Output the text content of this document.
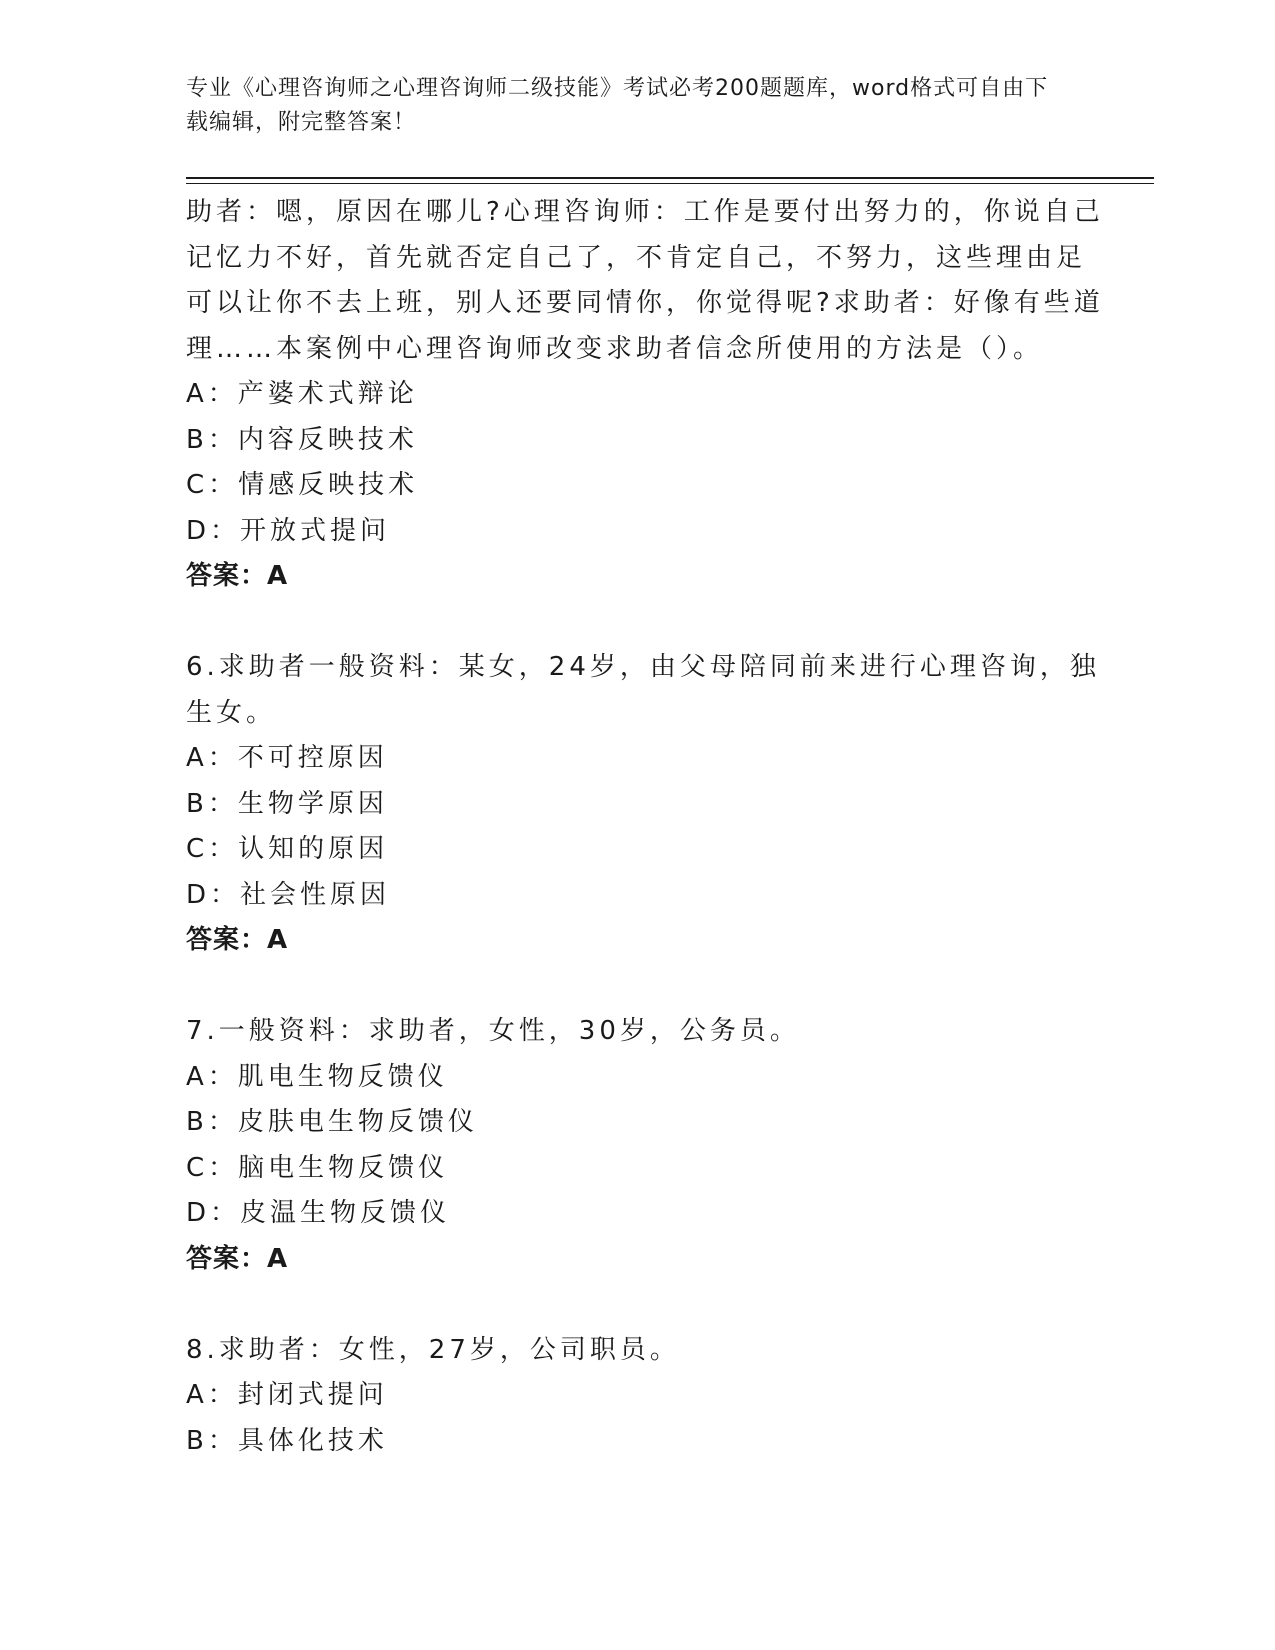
专业《心理咨询师之心理咨询师二级技能》考试必考200题题库，word格式可自由下载编辑，附完整答案！
助者：嗯，原因在哪儿?心理咨询师：工作是要付出努力的，你说自己
记忆力不好，首先就否定自己了，不肯定自己，不努力，这些理由足
可以让你不去上班，别人还要同情你，你觉得呢?求助者：好像有些道
理……本案例中心理咨询师改变求助者信念所使用的方法是（）。
A：产婆术式辩论
B：内容反映技术
C：情感反映技术
D：开放式提问
答案：A
6.求助者一般资料：某女，24岁，由父母陪同前来进行心理咨询，独
生女。
A：不可控原因
B：生物学原因
C：认知的原因
D：社会性原因
答案：A
7.一般资料：求助者，女性，30岁，公务员。
A：肌电生物反馈仪
B：皮肤电生物反馈仪
C：脑电生物反馈仪
D：皮温生物反馈仪
答案：A
8.求助者：女性，27岁，公司职员。
A：封闭式提问
B：具体化技术
